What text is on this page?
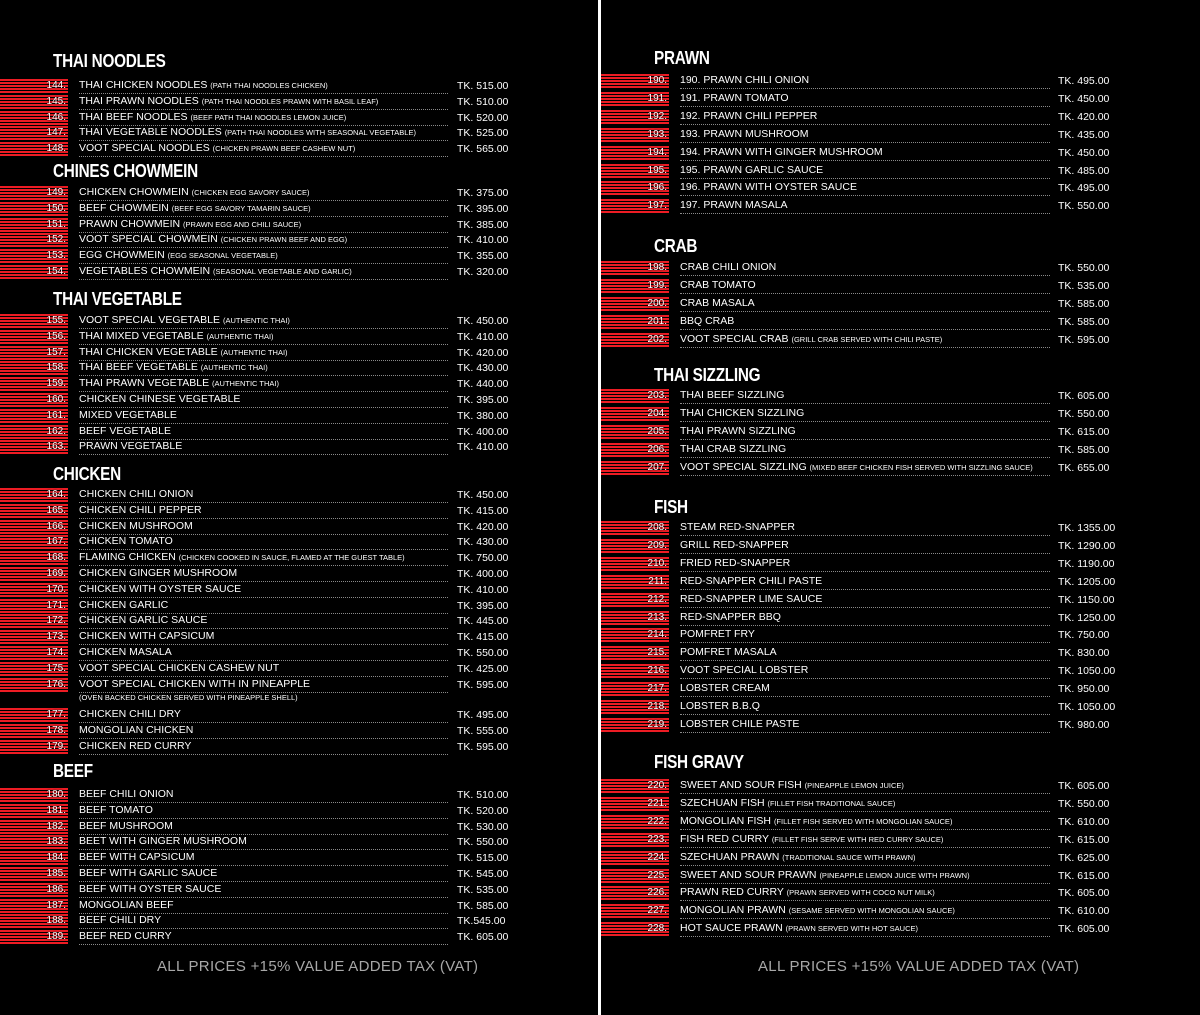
THAI NOODLES
CHINES CHOWMEIN
THAI VEGETABLE
CHICKEN
BEEF
ALL PRICES +15% VALUE ADDED TAX (VAT)
144. THAI CHICKEN NOODLES (PATH THAI NOODLES CHICKEN)	TK. 515.00
145. THAI PRAWN NOODLES (PATH THAI NOODLES PRAWN WITH BASIL LEAF)	TK. 510.00
146. THAI BEEF NOODLES (BEEF PATH THAI NOODLES LEMON JUICE)	TK. 520.00
147. THAI VEGETABLE NOODLES (PATH THAI NOODLES WITH SEASONAL VEGETABLE)	TK. 525.00
148. VOOT SPECIAL NOODLES (CHICKEN PRAWN BEEF CASHEW NUT)	TK. 565.00
149. CHICKEN CHOWMEIN (CHICKEN EGG SAVORY SAUCE)	TK. 375.00
150. BEEF CHOWMEIN (BEEF EGG SAVORY TAMARIN SAUCE)	TK. 395.00
151. PRAWN CHOWMEIN (PRAWN EGG AND CHILI SAUCE)	TK. 385.00
152. VOOT SPECIAL CHOWMEIN (CHICKEN PRAWN BEEF AND EGG)	TK. 410.00
153. EGG CHOWMEIN (EGG SEASONAL VEGETABLE)	TK. 355.00
154. VEGETABLES CHOWMEIN (SEASONAL VEGETABLE AND GARLIC)	TK. 320.00
155. VOOT SPECIAL VEGETABLE (AUTHENTIC THAI)	TK. 450.00
156. THAI MIXED VEGETABLE (AUTHENTIC THAI)	TK. 410.00
157. THAI CHICKEN VEGETABLE (AUTHENTIC THAI)	TK. 420.00
158. THAI BEEF VEGETABLE (AUTHENTIC THAI)	TK. 430.00
159. THAI PRAWN VEGETABLE (AUTHENTIC THAI)	TK. 440.00
160. CHICKEN CHINESE VEGETABLE	TK. 395.00
161. MIXED VEGETABLE	TK. 380.00
162. BEEF VEGETABLE	TK. 400.00
163. PRAWN VEGETABLE	TK. 410.00
164. CHICKEN CHILI ONION	TK. 450.00
165. CHICKEN CHILI PEPPER	TK. 415.00
166. CHICKEN MUSHROOM	TK. 420.00
167. CHICKEN TOMATO	TK. 430.00
168. FLAMING CHICKEN (CHICKEN COOKED IN SAUCE, FLAMED AT THE GUEST TABLE)	TK. 750.00
169. CHICKEN GINGER MUSHROOM	TK. 400.00
170. CHICKEN WITH OYSTER SAUCE	TK. 410.00
171. CHICKEN GARLIC	TK. 395.00
172. CHICKEN GARLIC SAUCE	TK. 445.00
173. CHICKEN WITH CAPSICUM	TK. 415.00
174. CHICKEN MASALA	TK. 550.00
175. VOOT SPECIAL CHICKEN CASHEW NUT	TK. 425.00
176. VOOT SPECIAL CHICKEN WITH IN PINEAPPLE	TK. 595.00
(OVEN BACKED CHICKEN SERVED WITH PINEAPPLE SHELL)
177. CHICKEN CHILI DRY	TK. 495.00
178. MONGOLIAN CHICKEN	TK. 555.00
179. CHICKEN RED CURRY	TK. 595.00
180. BEEF CHILI ONION	TK. 510.00
181. BEEF TOMATO	TK. 520.00
182. BEEF MUSHROOM	TK. 530.00
183. BEET WITH GINGER MUSHROOM	TK. 550.00
184. BEEF WITH CAPSICUM	TK. 515.00
185. BEEF WITH GARLIC SAUCE	TK. 545.00
186. BEEF WITH OYSTER SAUCE	TK. 535.00
187. MONGOLIAN BEEF	TK. 585.00
188. BEEF CHILI DRY	TK.545.00
189. BEEF RED CURRY	TK. 605.00
PRAWN
CRAB
THAI SIZZLING
FISH
FISH GRAVY
ALL PRICES +15% VALUE ADDED TAX (VAT)
190. 190. PRAWN CHILI ONION	TK. 495.00
191. 191. PRAWN TOMATO	TK. 450.00
192. 192. PRAWN CHILI PEPPER	TK. 420.00
193. 193. PRAWN MUSHROOM	TK. 435.00
194. 194. PRAWN WITH GINGER MUSHROOM	TK. 450.00
195. 195. PRAWN GARLIC SAUCE	TK. 485.00
196. 196. PRAWN WITH OYSTER SAUCE	TK. 495.00
197. 197. PRAWN MASALA	TK. 550.00
198. CRAB CHILI ONION	TK. 550.00
199. CRAB TOMATO	TK. 535.00
200. CRAB MASALA	TK. 585.00
201. BBQ CRAB	TK. 585.00
202. VOOT SPECIAL CRAB (GRILL CRAB SERVED WITH CHILI PASTE)	TK. 595.00
203. THAI BEEF SIZZLING	TK. 605.00
204. THAI CHICKEN SIZZLING	TK. 550.00
205. THAI PRAWN SIZZLING	TK. 615.00
206. THAI CRAB SIZZLING	TK. 585.00
207. VOOT SPECIAL SIZZLING (MIXED BEEF CHICKEN FISH SERVED WITH SIZZLING SAUCE)	TK. 655.00
208. STEAM RED-SNAPPER	TK. 1355.00
209. GRILL RED-SNAPPER	TK. 1290.00
210. FRIED RED-SNAPPER	TK. 1190.00
211. RED-SNAPPER CHILI PASTE	TK. 1205.00
212. RED-SNAPPER LIME SAUCE	TK. 1150.00
213. RED-SNAPPER BBQ	TK. 1250.00
214. POMFRET FRY	TK. 750.00
215. POMFRET MASALA	TK. 830.00
216. VOOT SPECIAL LOBSTER	TK. 1050.00
217. LOBSTER CREAM	TK. 950.00
218. LOBSTER B.B.Q	TK. 1050.00
219. LOBSTER CHILE PASTE	TK. 980.00
220. SWEET AND SOUR FISH (PINEAPPLE LEMON JUICE)	TK. 605.00
221. SZECHUAN FISH (FILLET FISH TRADITIONAL SAUCE)	TK. 550.00
222. MONGOLIAN FISH (FILLET FISH SERVED WITH MONGOLIAN SAUCE)	TK. 610.00
223. FISH RED CURRY (FILLET FISH SERVE WITH RED CURRY SAUCE)	TK. 615.00
224. SZECHUAN PRAWN (TRADITIONAL SAUCE WITH PRAWN)	TK. 625.00
225. SWEET AND SOUR PRAWN (PINEAPPLE LEMON JUICE WITH PRAWN)	TK. 615.00
226. PRAWN RED CURRY (PRAWN SERVED WITH COCO NUT MILK)	TK. 605.00
227. MONGOLIAN PRAWN (SESAME SERVED WITH MONGOLIAN SAUCE)	TK. 610.00
228. HOT SAUCE PRAWN (PRAWN SERVED WITH HOT SAUCE)	TK. 605.00
